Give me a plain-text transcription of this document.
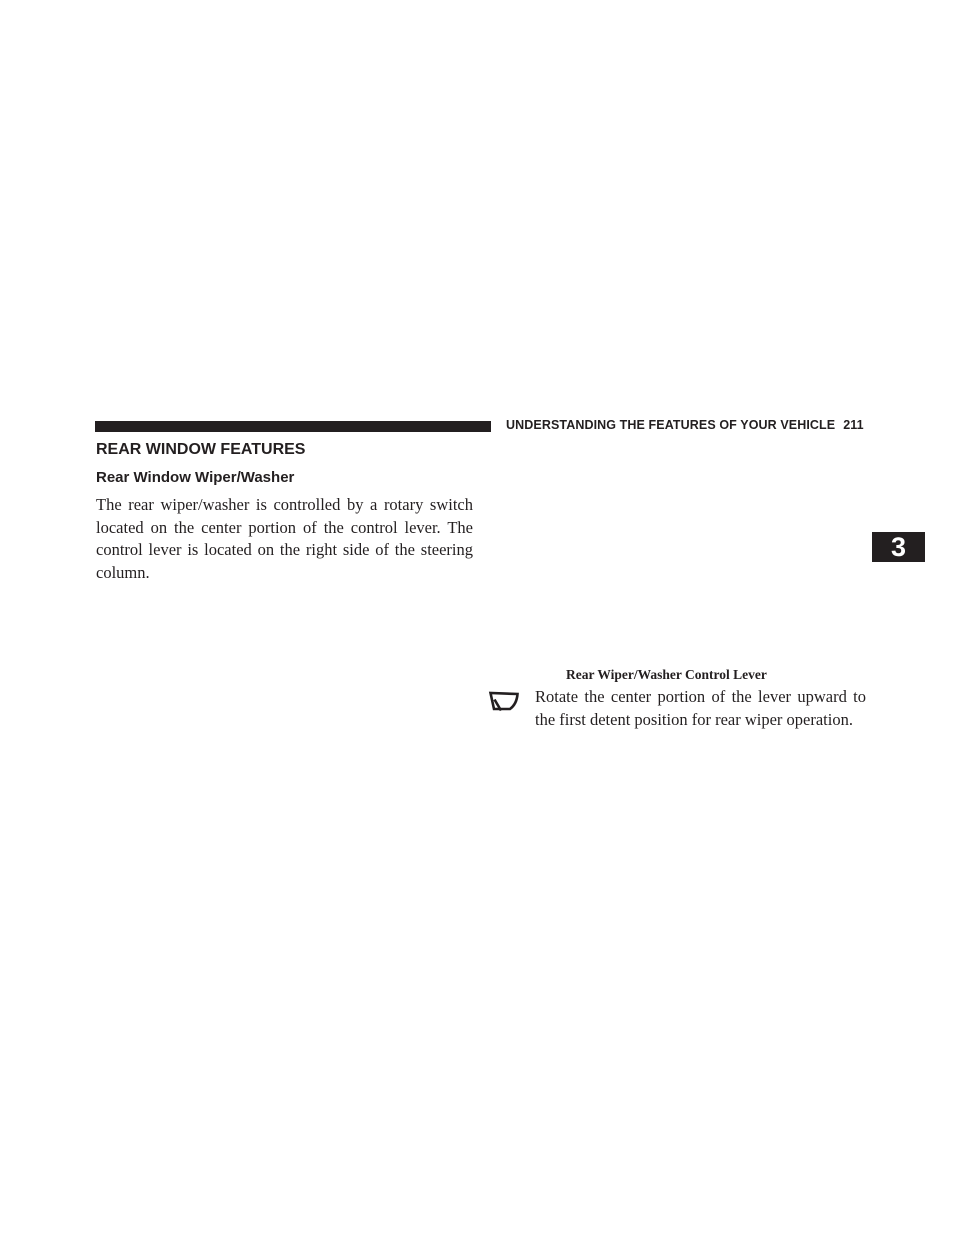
UNDERSTANDING THE FEATURES OF YOUR VEHICLE 211
REAR WINDOW FEATURES
Rear Window Wiper/Washer

The rear wiper/washer is controlled by a rotary switch located on the center portion of the control lever. The control lever is located on the right side of the steering column.

Rear Wiper/Washer Control Lever

Rotate the center portion of the lever upward to the first detent position for rear wiper operation.

3
